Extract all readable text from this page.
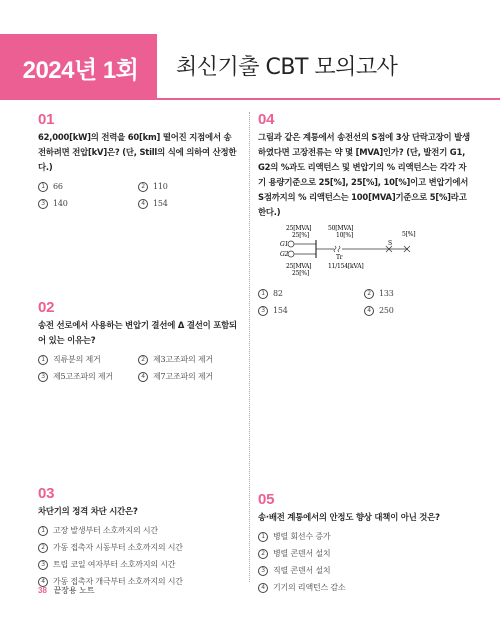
2024년 1회	최신기출 CBT 모의고사
01
62,000[kW]의 전력을 60[km] 떨어진 지점에서 송전하려면 전압[kV]은? (단, Still의 식에 의하여 산정한다.)
1	66	2	110
3	140	4	154
02
송전 선로에서 사용하는 변압기 결선에 Δ 결선이 포함되어 있는 이유는?
1	직류분의 제거	2	제3고조파의 제거
3	제5고조파의 제거	4	제7고조파의 제거
03
차단기의 정격 차단 시간은?
1	고장 발생부터 소호까지의 시간
2	가동 접촉자 시동부터 소호까지의 시간
3	트립 코일 여자부터 소호까지의 시간
4	가동 접촉자 개극부터 소호까지의 시간
04
그림과 같은 계통에서 송전선의 S점에 3상 단락고장이 발생하였다면 고장전류는 약 몇 [MVA]인가? (단, 발전기 G1, G2의 %과도 리액턴스 및 변압기의 % 리액턴스는 각각 자기 용량기준으로 25[%], 25[%], 10[%]이고 변압기에서 S점까지의 % 리액턴스는 100[MVA]기준으로 5[%]라고 한다.)
25[MVA]
25[%]
50[MVA]
10[%]	5[%]
S
G1
G2	Tr
25[MVA]
25[%]
11/154[kVA]
1	82	2	133
3	154	4	250
05
송·배전 계통에서의 안정도 향상 대책이 아닌 것은?
1	병렬 회선수 증가
2	병렬 콘덴서 설치
3	직렬 콘덴서 설치
4	기기의 리액턴스 감소
38 끝장용 노트
